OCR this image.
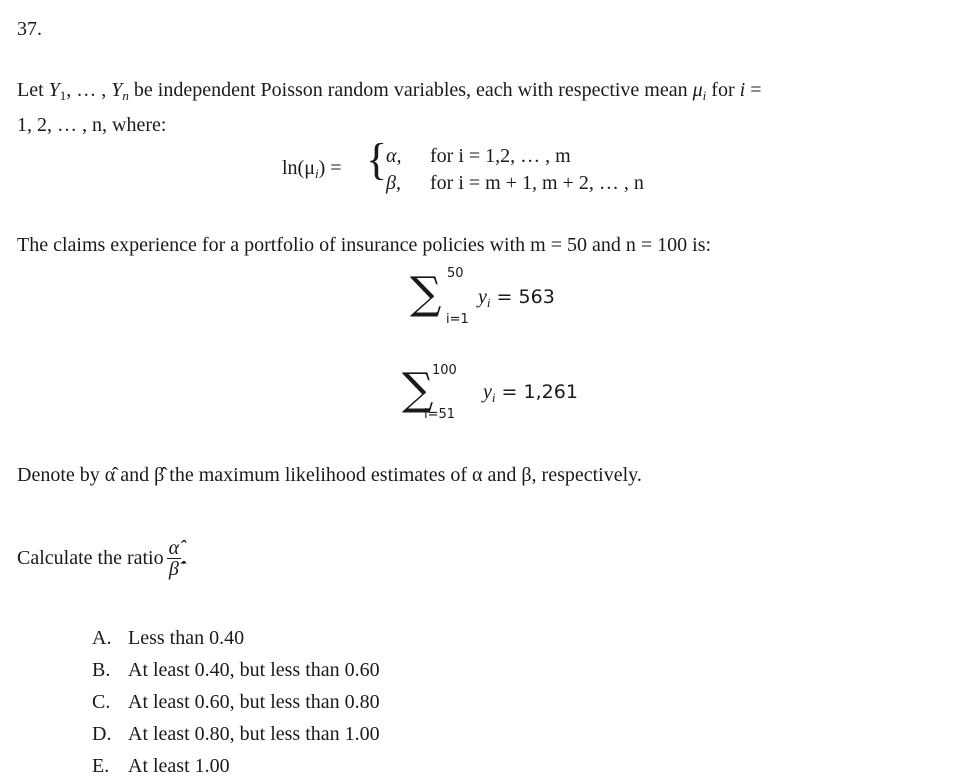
37.
Let $Y_1$, … , $Y_n$ be independent Poisson random variables, each with respective mean $\mu_i$ for i =
1, 2, … , n, where:
$\ln(\mu_i)$ = {
α, for i = 1,2, … , m
β, for i = m + 1, m + 2, … , n
The claims experience for a portfolio of insurance policies with m = 50 and n = 100 is:
50
∑
i=1
$y_i = 563$
100
∑
i=51
$y_i = 1,261$
Denote by α̂ and β̂ the maximum likelihood estimates of α and β, respectively.
Calculate the ratio $\frac{\alphâ}{\betâ}$ .
A. Less than 0.40
B. At least 0.40, but less than 0.60
C. At least 0.60, but less than 0.80
D. At least 0.80, but less than 1.00
E. At least 1.00
